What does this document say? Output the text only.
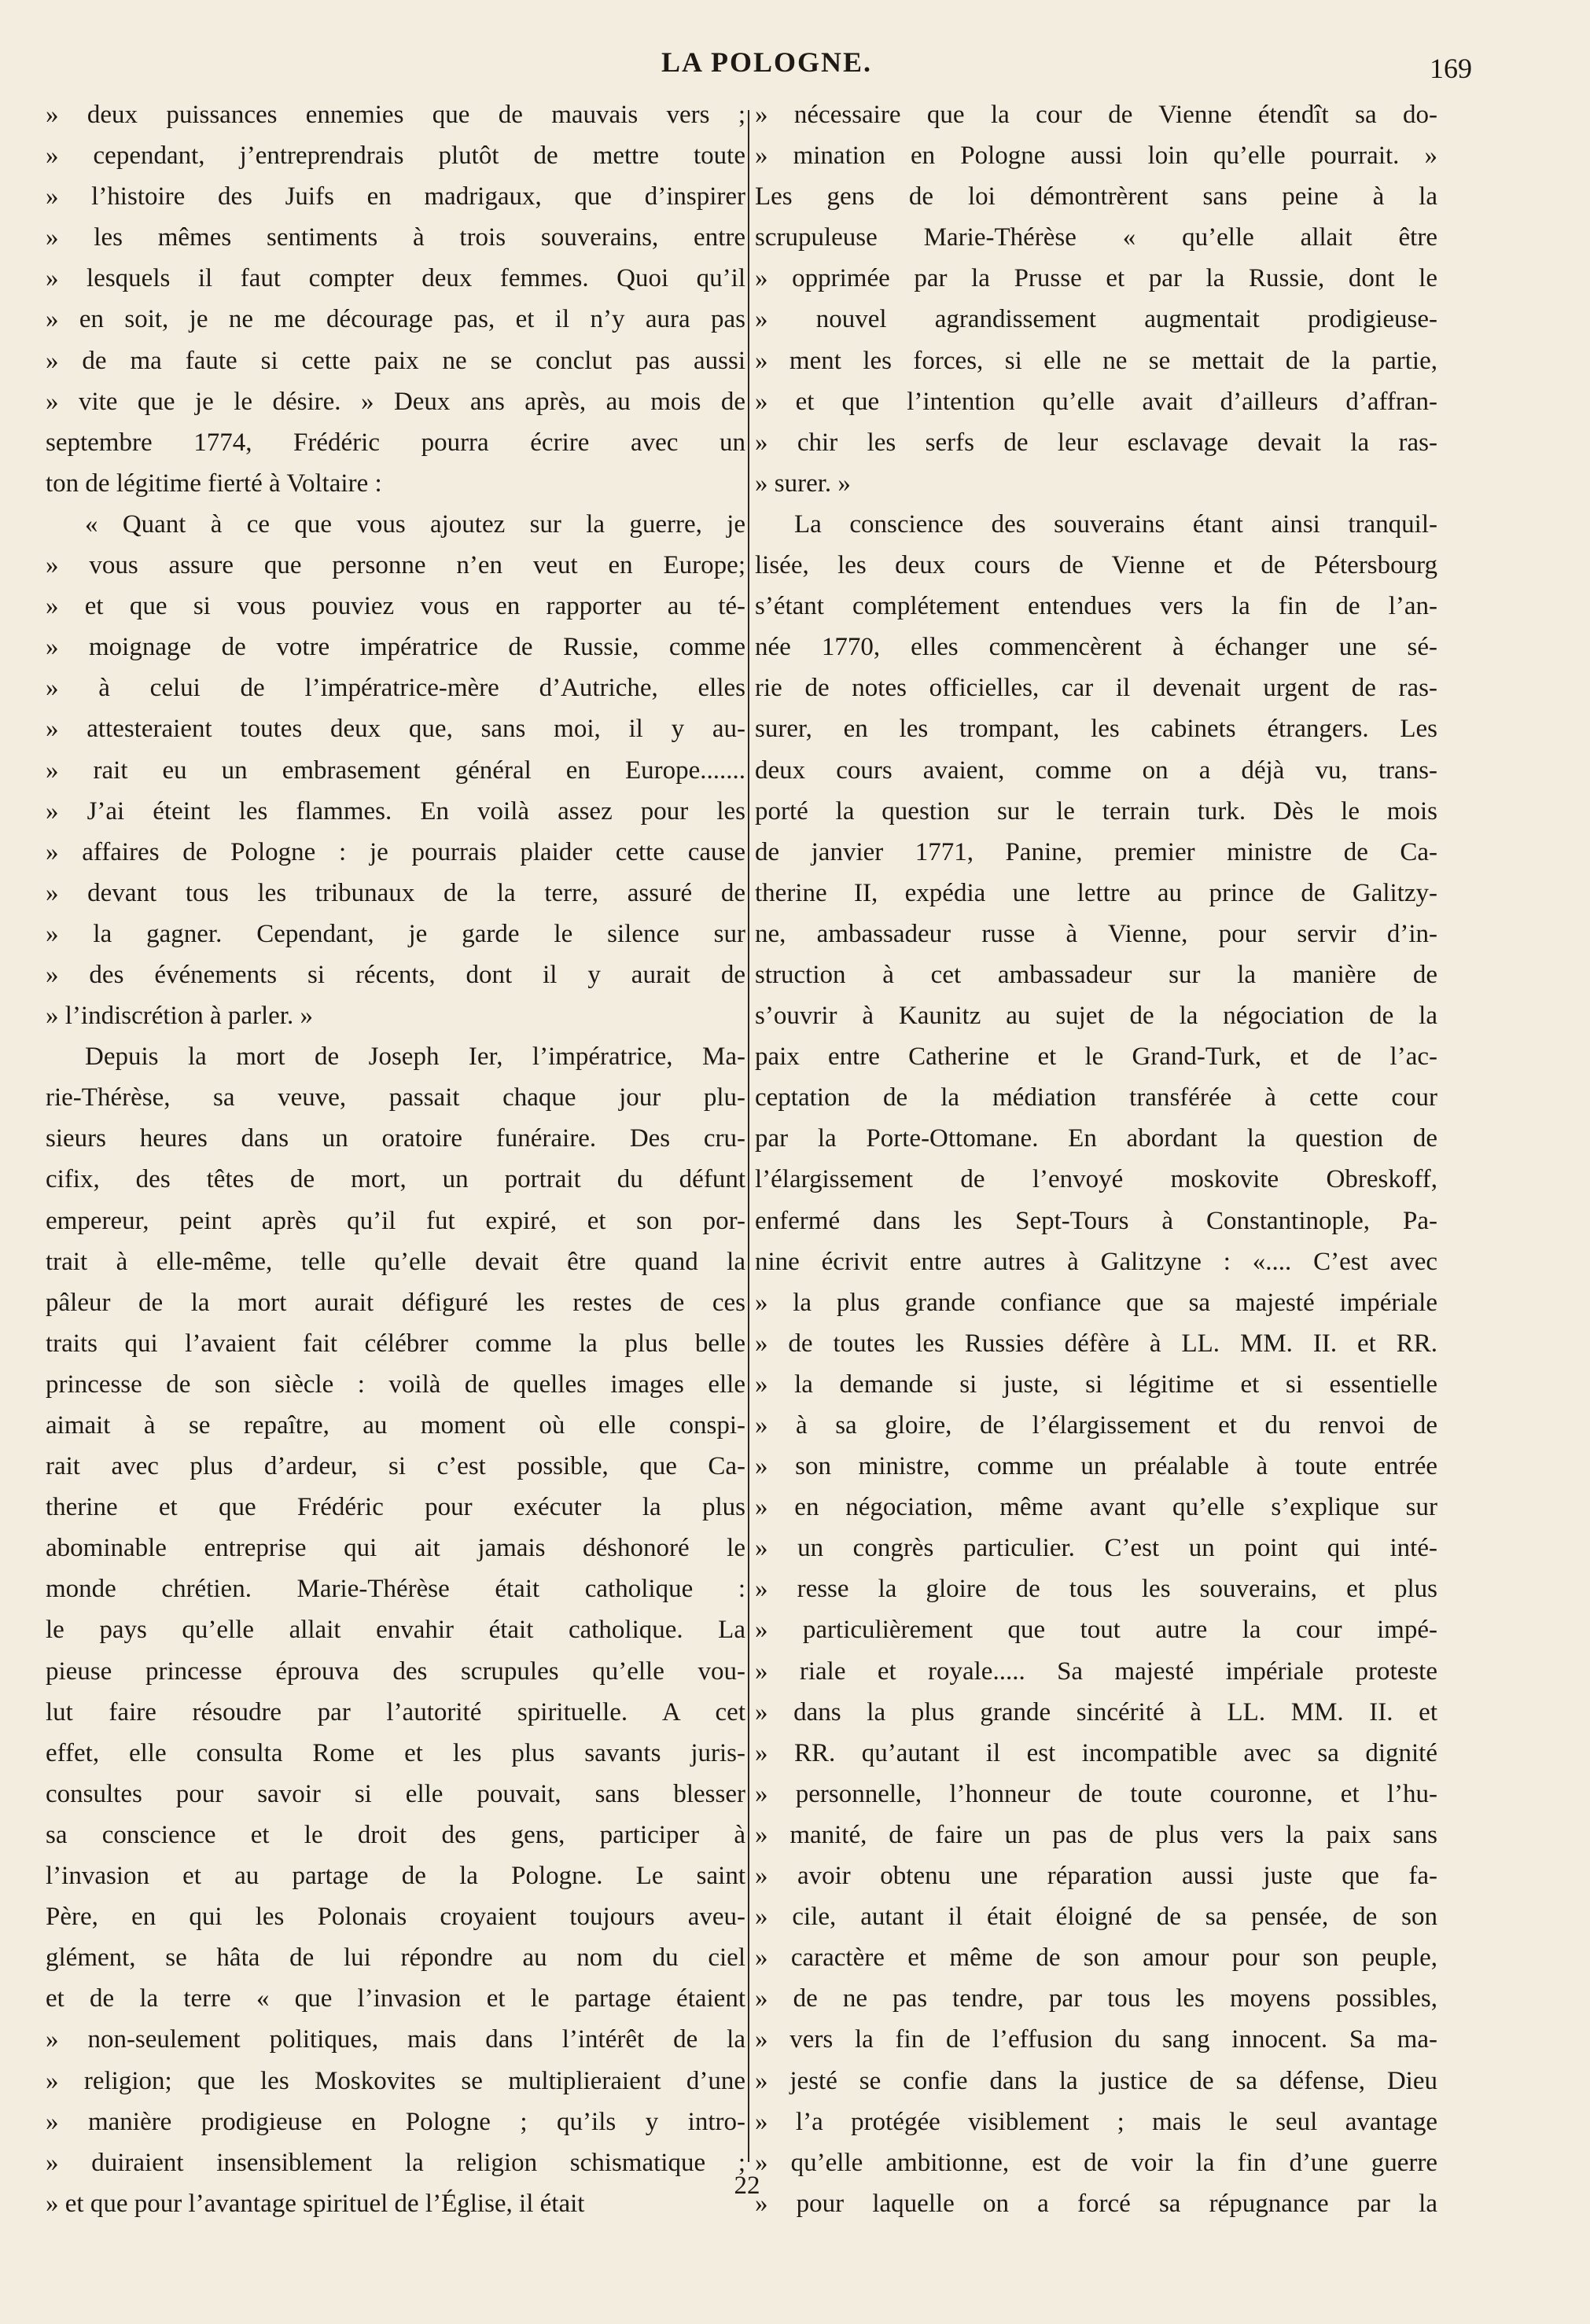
LA POLOGNE.	169
» deux puissances ennemies que de mauvais vers ;
» cependant, j’entreprendrais plutôt de mettre toute
» l’histoire des Juifs en madrigaux, que d’inspirer
» les mêmes sentiments à trois souverains, entre
» lesquels il faut compter deux femmes. Quoi qu’il
» en soit, je ne me décourage pas, et il n’y aura pas
» de ma faute si cette paix ne se conclut pas aussi
» vite que je le désire. » Deux ans après, au mois de
septembre 1774, Frédéric pourra écrire avec un
ton de légitime fierté à Voltaire :
« Quant à ce que vous ajoutez sur la guerre, je
» vous assure que personne n’en veut en Europe;
» et que si vous pouviez vous en rapporter au té-
» moignage de votre impératrice de Russie, comme
» à celui de l’impératrice-mère d’Autriche, elles
» attesteraient toutes deux que, sans moi, il y au-
» rait eu un embrasement général en Europe.......
» J’ai éteint les flammes. En voilà assez pour les
» affaires de Pologne : je pourrais plaider cette cause
» devant tous les tribunaux de la terre, assuré de
» la gagner. Cependant, je garde le silence sur
» des événements si récents, dont il y aurait de
» l’indiscrétion à parler. »
Depuis la mort de Joseph Ier, l’impératrice, Ma-
rie-Thérèse, sa veuve, passait chaque jour plu-
sieurs heures dans un oratoire funéraire. Des cru-
cifix, des têtes de mort, un portrait du défunt
empereur, peint après qu’il fut expiré, et son por-
trait à elle-même, telle qu’elle devait être quand la
pâleur de la mort aurait défiguré les restes de ces
traits qui l’avaient fait célébrer comme la plus belle
princesse de son siècle : voilà de quelles images elle
aimait à se repaître, au moment où elle conspi-
rait avec plus d’ardeur, si c’est possible, que Ca-
therine et que Frédéric pour exécuter la plus
abominable entreprise qui ait jamais déshonoré le
monde chrétien. Marie-Thérèse était catholique :
le pays qu’elle allait envahir était catholique. La
pieuse princesse éprouva des scrupules qu’elle vou-
lut faire résoudre par l’autorité spirituelle. A cet
effet, elle consulta Rome et les plus savants juris-
consultes pour savoir si elle pouvait, sans blesser
sa conscience et le droit des gens, participer à
l’invasion et au partage de la Pologne. Le saint
Père, en qui les Polonais croyaient toujours aveu-
glément, se hâta de lui répondre au nom du ciel
et de la terre « que l’invasion et le partage étaient
» non-seulement politiques, mais dans l’intérêt de la
» religion; que les Moskovites se multiplieraient d’une
» manière prodigieuse en Pologne ; qu’ils y intro-
» duiraient insensiblement la religion schismatique ;
» et que pour l’avantage spirituel de l’Église, il était
» nécessaire que la cour de Vienne étendît sa do-
» mination en Pologne aussi loin qu’elle pourrait. »
Les gens de loi démontrèrent sans peine à la
scrupuleuse Marie-Thérèse « qu’elle allait être
» opprimée par la Prusse et par la Russie, dont le
» nouvel agrandissement augmentait prodigieuse-
» ment les forces, si elle ne se mettait de la partie,
» et que l’intention qu’elle avait d’ailleurs d’affran-
» chir les serfs de leur esclavage devait la ras-
» surer. »
La conscience des souverains étant ainsi tranquil-
lisée, les deux cours de Vienne et de Pétersbourg
s’étant complétement entendues vers la fin de l’an-
née 1770, elles commencèrent à échanger une sé-
rie de notes officielles, car il devenait urgent de ras-
surer, en les trompant, les cabinets étrangers. Les
deux cours avaient, comme on a déjà vu, trans-
porté la question sur le terrain turk. Dès le mois
de janvier 1771, Panine, premier ministre de Ca-
therine II, expédia une lettre au prince de Galitzy-
ne, ambassadeur russe à Vienne, pour servir d’in-
struction à cet ambassadeur sur la manière de
s’ouvrir à Kaunitz au sujet de la négociation de la
paix entre Catherine et le Grand-Turk, et de l’ac-
ceptation de la médiation transférée à cette cour
par la Porte-Ottomane. En abordant la question de
l’élargissement de l’envoyé moskovite Obreskoff,
enfermé dans les Sept-Tours à Constantinople, Pa-
nine écrivit entre autres à Galitzyne : «.... C’est avec
» la plus grande confiance que sa majesté impériale
» de toutes les Russies défère à LL. MM. II. et RR.
» la demande si juste, si légitime et si essentielle
» à sa gloire, de l’élargissement et du renvoi de
» son ministre, comme un préalable à toute entrée
» en négociation, même avant qu’elle s’explique sur
» un congrès particulier. C’est un point qui inté-
» resse la gloire de tous les souverains, et plus
» particulièrement que tout autre la cour impé-
» riale et royale..... Sa majesté impériale proteste
» dans la plus grande sincérité à LL. MM. II. et
» RR. qu’autant il est incompatible avec sa dignité
» personnelle, l’honneur de toute couronne, et l’hu-
» manité, de faire un pas de plus vers la paix sans
» avoir obtenu une réparation aussi juste que fa-
» cile, autant il était éloigné de sa pensée, de son
» caractère et même de son amour pour son peuple,
» de ne pas tendre, par tous les moyens possibles,
» vers la fin de l’effusion du sang innocent. Sa ma-
» jesté se confie dans la justice de sa défense, Dieu
» l’a protégée visiblement ; mais le seul avantage
» qu’elle ambitionne, est de voir la fin d’une guerre
» pour laquelle on a forcé sa répugnance par la
22
